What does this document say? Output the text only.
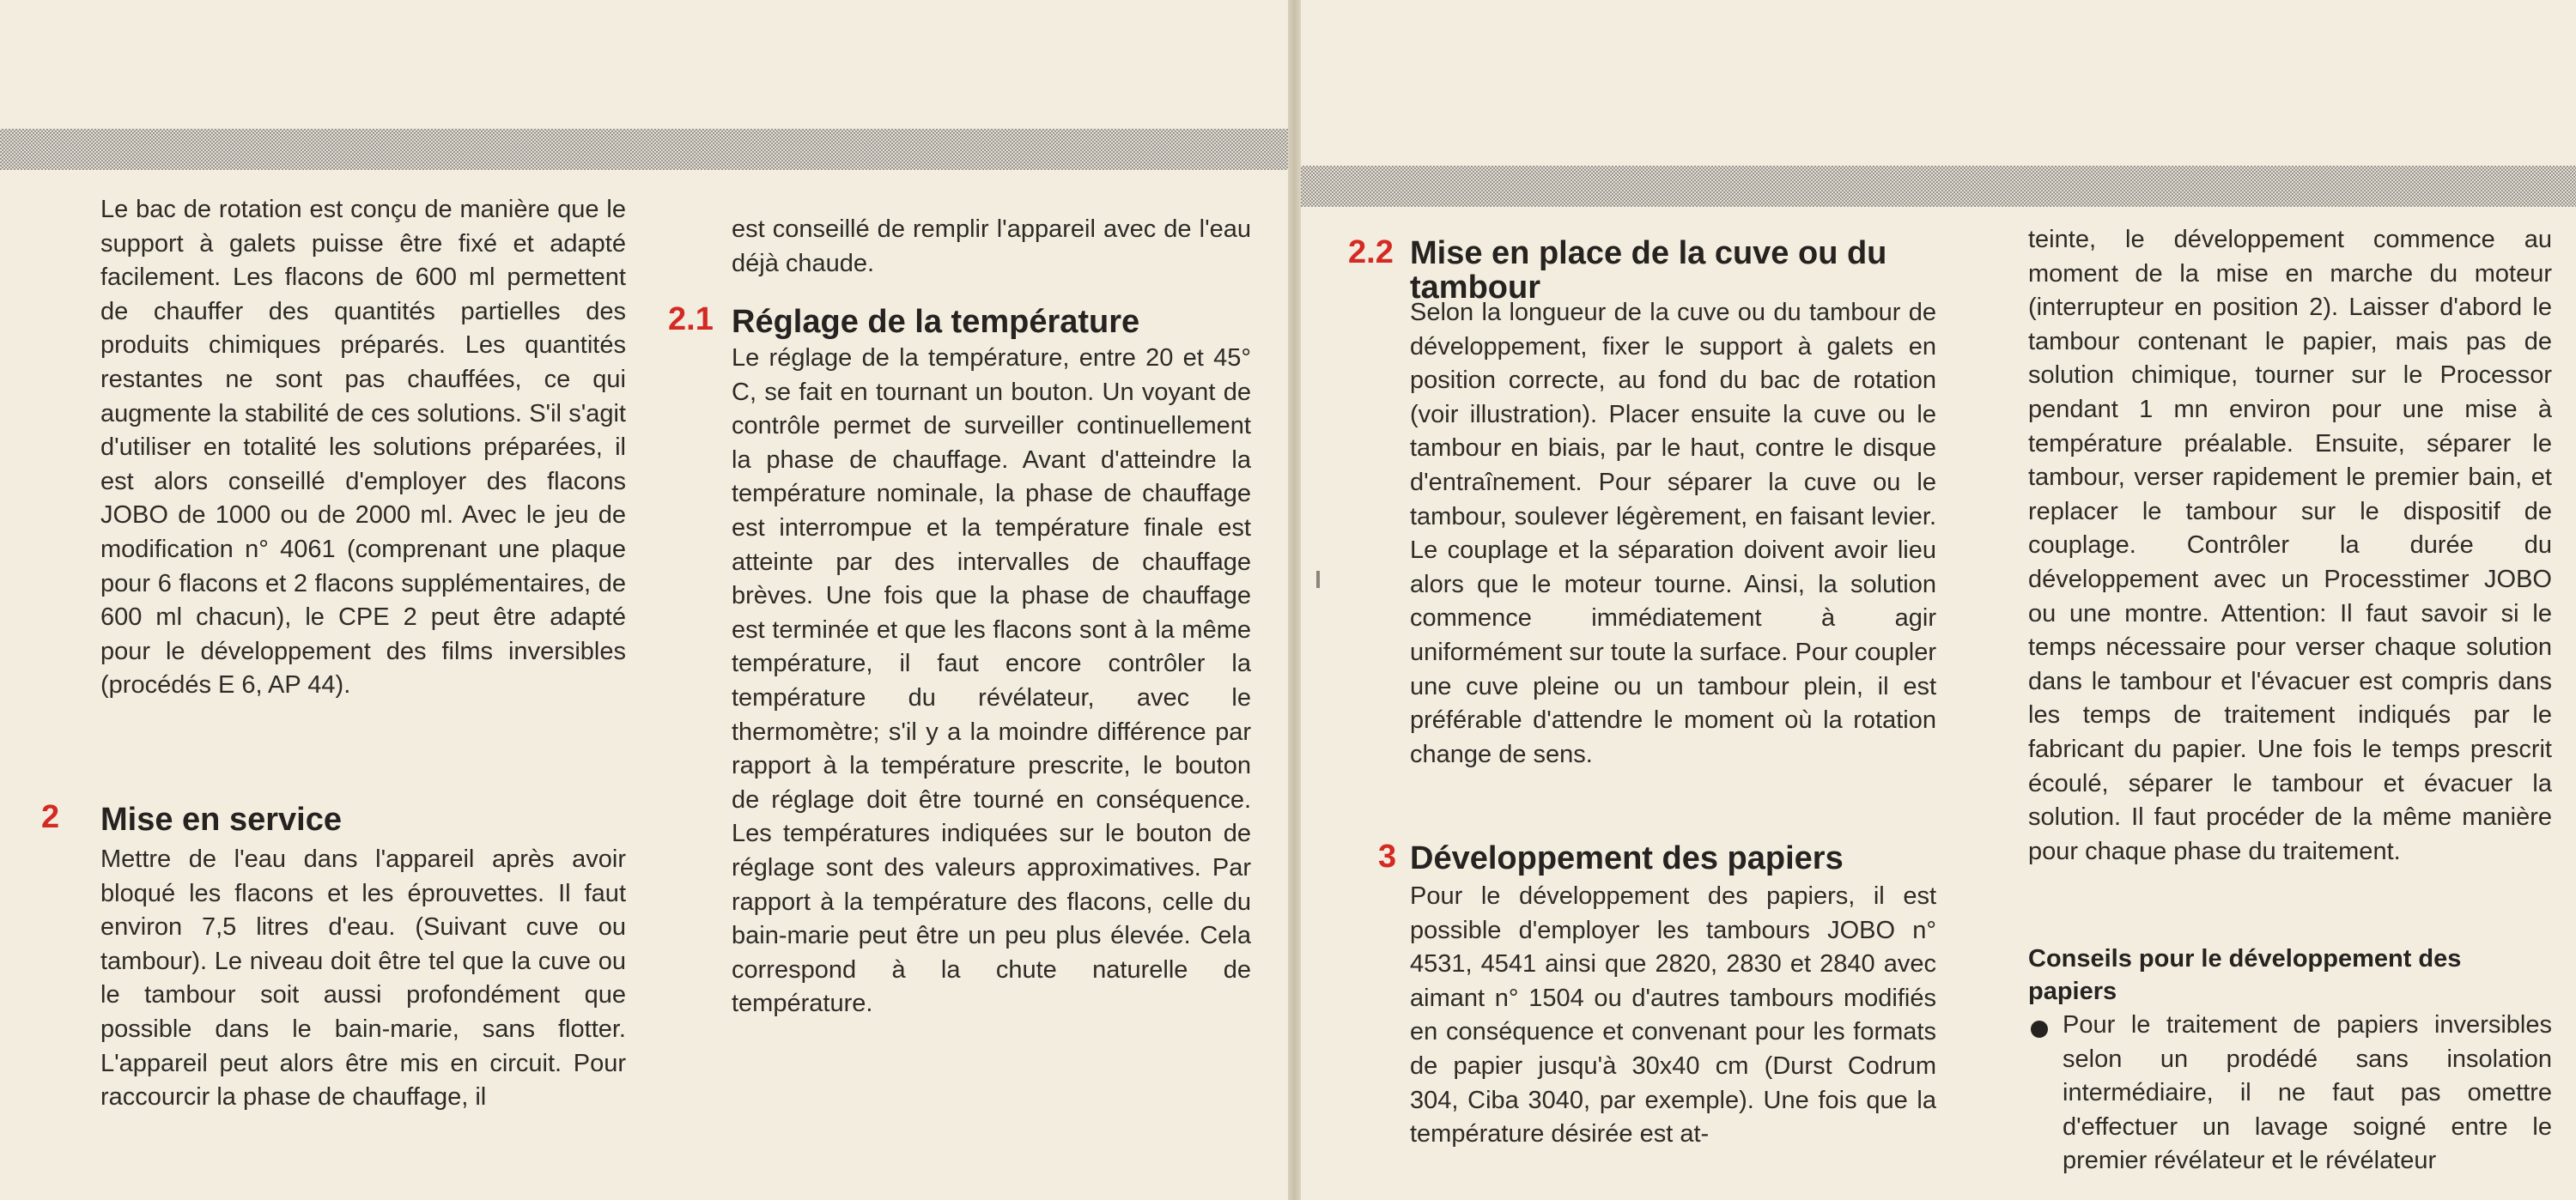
Le bac de rotation est conçu de manière que le support à galets puisse être fixé et adapté facilement. Les flacons de 600 ml permettent de chauffer des quantités partielles des produits chimiques préparés. Les quantités restantes ne sont pas chauffées, ce qui augmente la stabilité de ces solutions. S'il s'agit d'utiliser en totalité les solutions préparées, il est alors conseillé d'employer des flacons JOBO de 1000 ou de 2000 ml. Avec le jeu de modification n° 4061 (comprenant une plaque pour 6 flacons et 2 flacons supplémentaires, de 600 ml chacun), le CPE 2 peut être adapté pour le développement des films inversibles (procédés E 6, AP 44).

2 Mise en service

Mettre de l'eau dans l'appareil après avoir bloqué les flacons et les éprouvettes. Il faut environ 7,5 litres d'eau. (Suivant cuve ou tambour). Le niveau doit être tel que la cuve ou le tambour soit aussi profondément que possible dans le bain-marie, sans flotter. L'appareil peut alors être mis en circuit. Pour raccourcir la phase de chauffage, il

est conseillé de remplir l'appareil avec de l'eau déjà chaude.

2.1 Réglage de la température

Le réglage de la température, entre 20 et 45° C, se fait en tournant un bouton. Un voyant de contrôle permet de surveiller continuellement la phase de chauffage. Avant d'atteindre la température nominale, la phase de chauffage est interrompue et la température finale est atteinte par des intervalles de chauffage brèves. Une fois que la phase de chauffage est terminée et que les flacons sont à la même température, il faut encore contrôler la température du révélateur, avec le thermomètre; s'il y a la moindre différence par rapport à la température prescrite, le bouton de réglage doit être tourné en conséquence. Les températures indiquées sur le bouton de réglage sont des valeurs approximatives. Par rapport à la température des flacons, celle du bain-marie peut être un peu plus élevée. Cela correspond à la chute naturelle de température.

2.2 Mise en place de la cuve ou du
tambour

Selon la longueur de la cuve ou du tambour de développement, fixer le support à galets en position correcte, au fond du bac de rotation (voir illustration). Placer ensuite la cuve ou le tambour en biais, par le haut, contre le disque d'entraînement. Pour séparer la cuve ou le tambour, soulever légèrement, en faisant levier. Le couplage et la séparation doivent avoir lieu alors que le moteur tourne. Ainsi, la solution commence immédiatement à agir uniformément sur toute la surface. Pour coupler une cuve pleine ou un tambour plein, il est préférable d'attendre le moment où la rotation change de sens.

3 Développement des papiers

Pour le développement des papiers, il est possible d'employer les tambours JOBO n° 4531, 4541 ainsi que 2820, 2830 et 2840 avec aimant n° 1504 ou d'autres tambours modifiés en conséquence et convenant pour les formats de papier jusqu'à 30x40 cm (Durst Codrum 304, Ciba 3040, par exemple). Une fois que la température désirée est at-

teinte, le développement commence au moment de la mise en marche du moteur (interrupteur en position 2). Laisser d'abord le tambour contenant le papier, mais pas de solution chimique, tourner sur le Processor pendant 1 mn environ pour une mise à température préalable. Ensuite, séparer le tambour, verser rapidement le premier bain, et replacer le tambour sur le dispositif de couplage. Contrôler la durée du développement avec un Processtimer JOBO ou une montre. Attention: Il faut savoir si le temps nécessaire pour verser chaque solution dans le tambour et l'évacuer est compris dans les temps de traitement indiqués par le fabricant du papier. Une fois le temps prescrit écoulé, séparer le tambour et évacuer la solution. Il faut procéder de la même manière pour chaque phase du traitement.

Conseils pour le développement des papiers

Pour le traitement de papiers inversibles selon un prodédé sans insolation intermédiaire, il ne faut pas omettre d'effectuer un lavage soigné entre le premier révélateur et le révélateur
